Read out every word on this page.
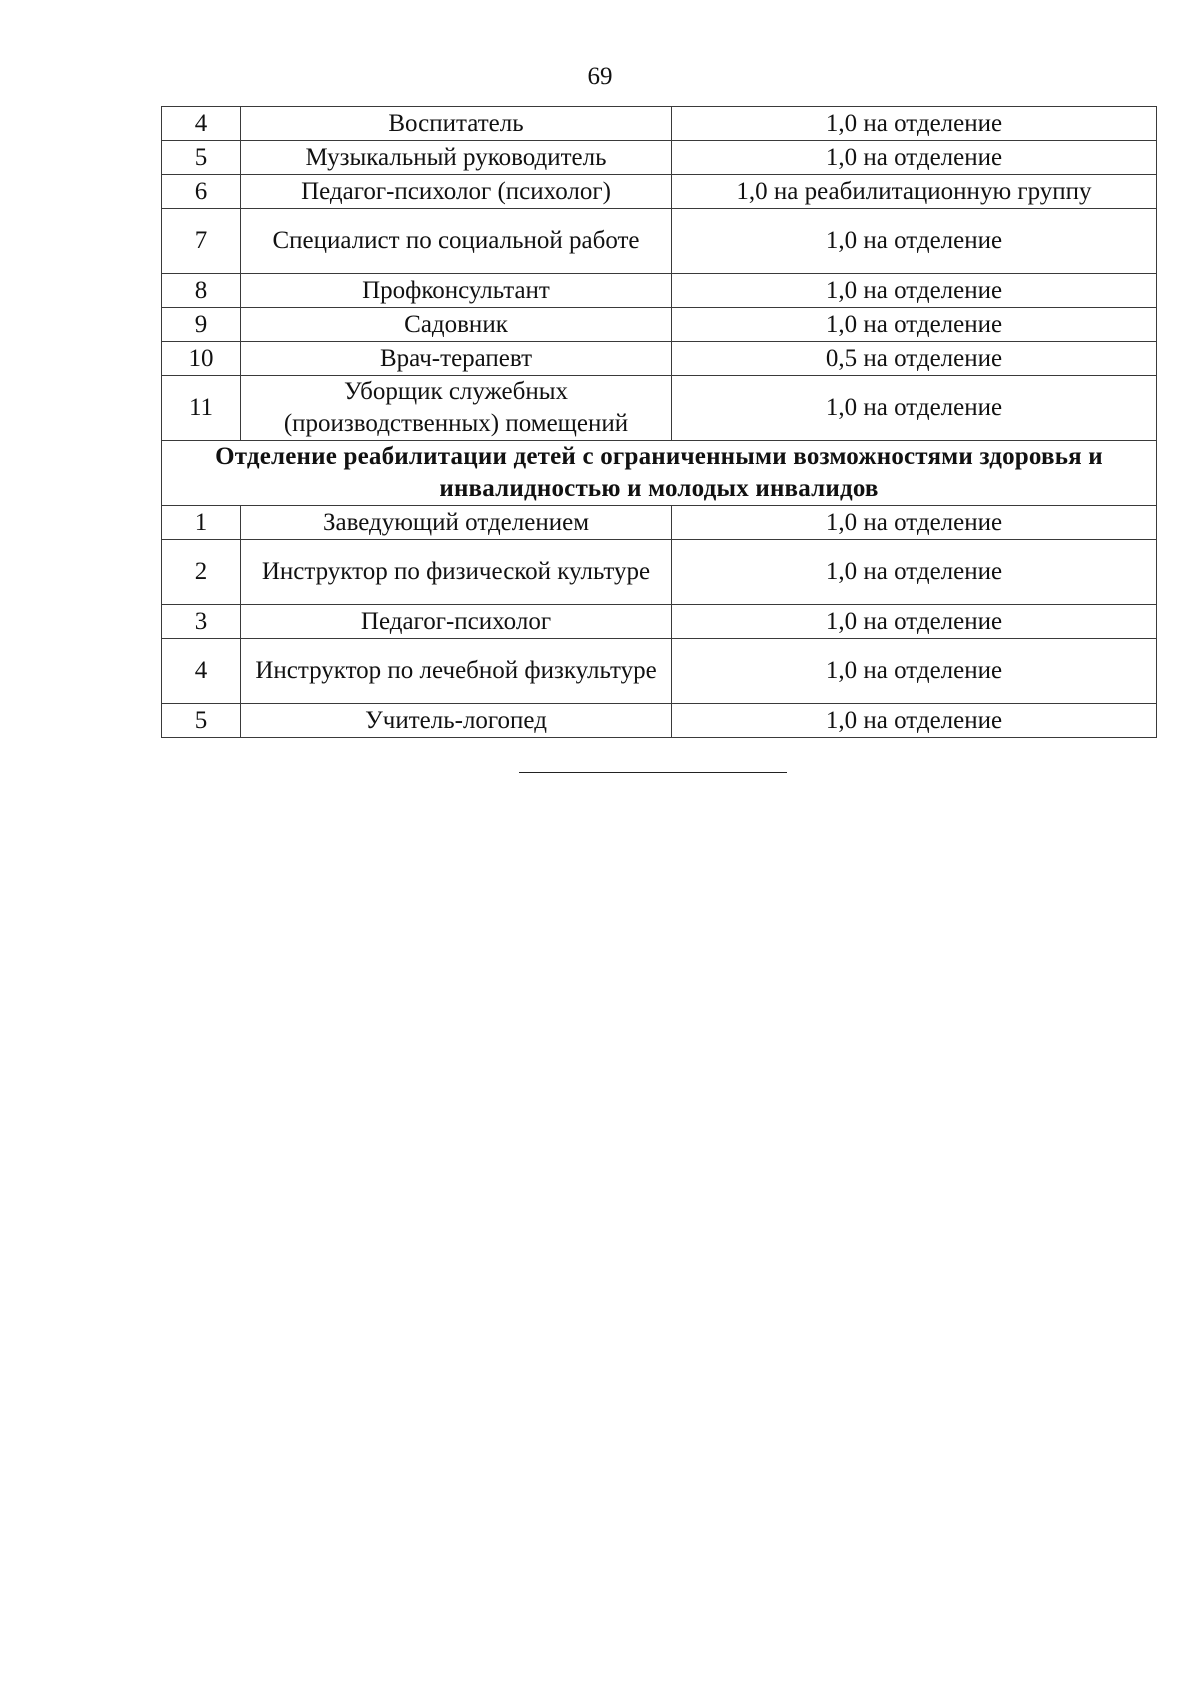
69
4	Воспитатель	1,0 на отделение
5	Музыкальный руководитель	1,0 на отделение
6	Педагог-психолог (психолог)	1,0 на реабилитационную группу
7	Специалист по социальной работе	1,0 на отделение
8	Профконсультант	1,0 на отделение
9	Садовник	1,0 на отделение
10	Врач-терапевт	0,5 на отделение
11	Уборщик служебных (производственных) помещений	1,0 на отделение
Отделение реабилитации детей с ограниченными возможностями здоровья и инвалидностью и молодых инвалидов		
1	Заведующий отделением	1,0 на отделение
2	Инструктор по физической культуре	1,0 на отделение
3	Педагог-психолог	1,0 на отделение
4	Инструктор по лечебной физкультуре	1,0 на отделение
5	Учитель-логопед	1,0 на отделение
